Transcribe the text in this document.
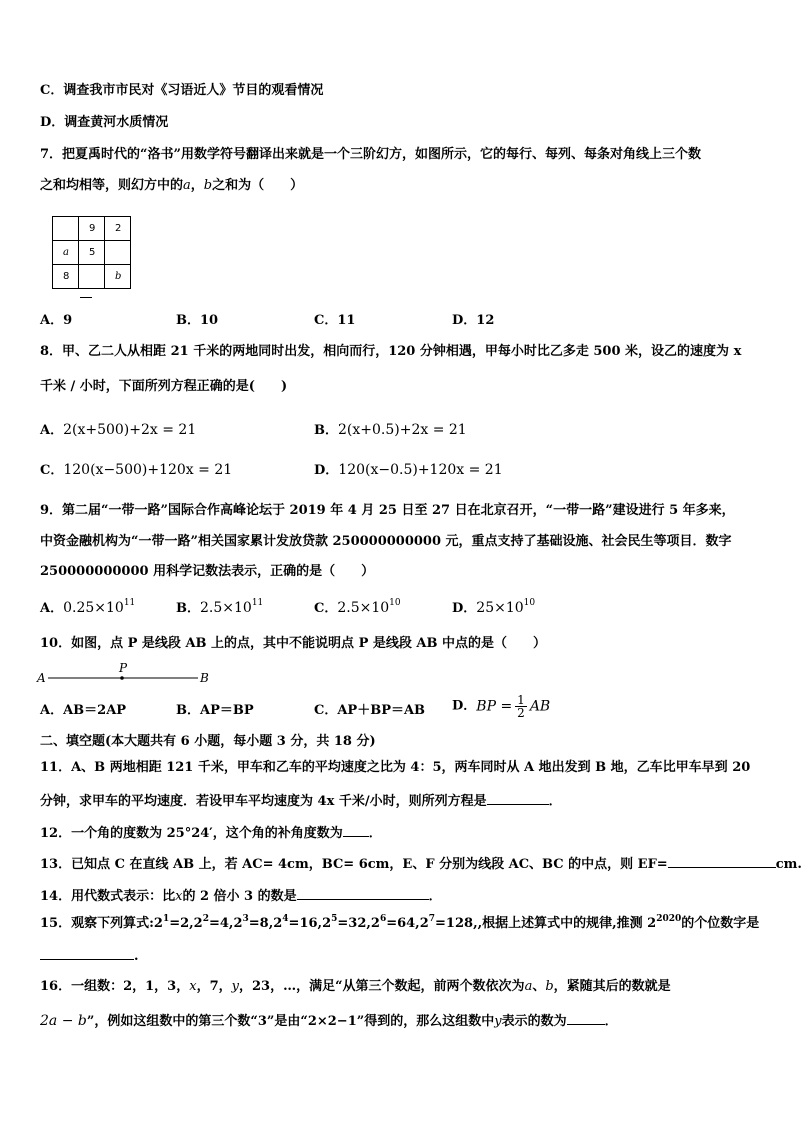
C．调查我市市民对《习语近人》节目的观看情况
D．调查黄河水质情况
7．把夏禹时代的“洛书”用数学符号翻译出来就是一个三阶幻方，如图所示，它的每行、每列、每条对角线上三个数
之和均相等，则幻方中的a，b之和为（　　）
	9	2
a	5	
8		b
A．9	B．10	C．11	D．12
8．甲、乙二人从相距 21 千米的两地同时出发，相向而行，120 分钟相遇，甲每小时比乙多走 500 米，设乙的速度为 x
千米 / 小时，下面所列方程正确的是(　　)
A．2(x+500)+2x = 21	B．2(x+0.5)+2x = 21
C．120(x−500)+120x = 21	D．120(x−0.5)+120x = 21
9．第二届“一带一路”国际合作高峰论坛于 2019 年 4 月 25 日至 27 日在北京召开，“一带一路”建设进行 5 年多来，
中资金融机构为“一带一路”相关国家累计发放贷款 250000000000 元，重点支持了基础设施、社会民生等项目．数字
250000000000 用科学记数法表示，正确的是（　　）
A．$0.25\times 10^{11}$	B．$2.5\times 10^{11}$	C．$2.5\times 10^{10}$	D．$25\times 10^{10}$
10．如图，点 P 是线段 AB 上的点，其中不能说明点 P 是线段 AB 中点的是（　　）
A
P
B
A．AB＝2AP	B．AP＝BP	C．AP＋BP＝AB D．BP = $\frac{1}{2}$ AB
二、填空题(本大题共有 6 小题，每小题 3 分，共 18 分)
11．A、B 两地相距 121 千米，甲车和乙车的平均速度之比为 4：5，两车同时从 A 地出发到 B 地，乙车比甲车早到 20
分钟，求甲车的平均速度．若设甲车平均速度为 4x 千米/小时，则所列方程是	．
12．一个角的度数为 25°24′，这个角的补角度数为 ．
13．已知点 C 在直线 AB 上，若 AC= 4cm，BC= 6cm，E、F 分别为线段 AC、BC 的中点，则 EF=	cm.
14．用代数式表示：比x的 2 倍小 3 的数是	．
15．观察下列算式$:2^1=2,2^2=4,2^3=8,2^4=16,2^5=32,2^6=64,2^7=128$,,根据上述算式中的规律,推测 $2^{2020}$的个位数字是
.
16．一组数：2，1，3，x，7，y，23，…，满足“从第三个数起，前两个数依次为a、b，紧随其后的数就是
2a − b”，例如这组数中的第三个数“3”是由“2×2−1”得到的，那么这组数中y表示的数为	．
